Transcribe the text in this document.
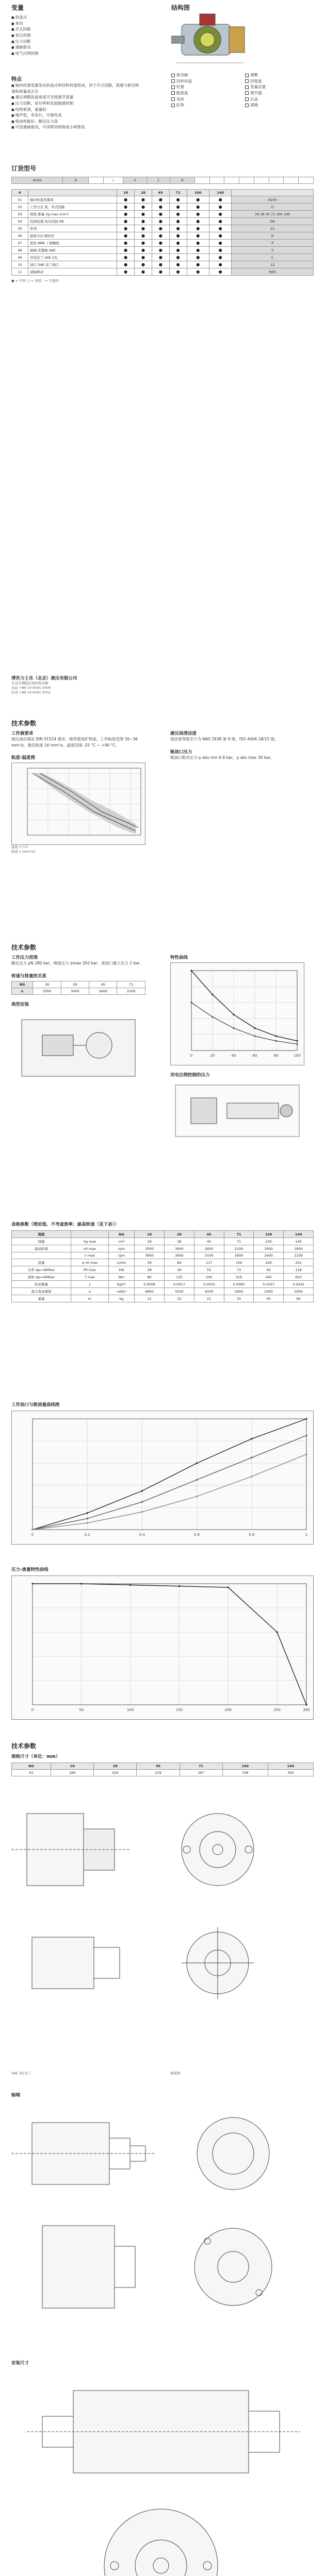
变量
■ 斜盘式
■ 单向
■ 开式回路
■ 恒压控制
■ 压力切断
■ 通轴驱动
■ 电气比例控制
特点
■ 轴向柱塞变量泵由斜盘式和回转斜盘组成，用于开式回路，流量与驱动转速和排量成正比
■ 通过调整斜盘角度可无级调节流量
■ 压力切断，恒功率和负载敏感控制
■ 结构紧凑，重量轻
■ 噪声低，寿命长，可靠性高
■ 吸油性能好，额定压力高
■ 可选通轴驱动，可串联同规格或小规格泵
结构图
驱动轴
回转斜盘
柱塞
配流盘
泵体
缸体
滑靴
回程盘
变量活塞
调节器
后盖
通轴
订货型号
A10V	O		/	3	1	R								
#		18	28	45	71	100	140	
01	轴向柱塞变量泵	●	●	●	●	●	●	A10V
02	工作方式 泵，开式回路	●	●	●	●	●	●	O
03	规格 排量 Vg max (cm³)	●	●	●	●	●	●	18 28 45 71 100 140
04	控制装置 恒压控制 DR	●	●	●	●	●	●	DR
05	系列	●	●	●	●	●	●	31
06	旋转方向 顺时针	●	●	●	●	●	●	R
07	密封 NBR 丁腈橡胶	●	●	●	●	●	●	P
08	轴端 花键轴 SAE	●	●	●	●	●	●	S
09	安装法兰 SAE 2孔	●	●	●	●	●	●	C
10	油口 SAE 法兰油口	●	●	●	●	●	●	12
11	通轴驱动	●	●	●	●	●	●	N00
● = 可供 ○ = 按需 - = 不提供
博世力士乐（北京）液压有限公司
北京市朝阳区酒仙桥东路
电话 +86 10 6591 5000
传真 +86 10 6591 5001
技术参数
工作液要求
液压油应满足 DIN 51524 要求，推荐使用矿物油。工作粘度范围 16~36 mm²/s，最佳粘度 16 mm²/s。温度范围 -25 °C ~ +90 °C。
粘度-温度图
温度 t (°C)
粘度 ν (mm²/s)
液压油清洁度
清洁度等级至少为 NAS 1638 第 9 级，ISO 4406 18/15 级。
吸油口压力
吸油口绝对压力 p abs min 0.8 bar，p abs max 30 bar。
技术参数
工作压力范围
额定压力 pN 280 bar，峰值压力 pmax 350 bar。泄油口最大压力 2 bar。
转速与排量的关系
NG	18	28	45	71
n	3300	3000	2600	2200
典型安装
特性曲线
0	20	40	60	80	100
用电比例控制的压力
表格参数（理论值、不考虑效率；最高转速（见下表））
规格		NG	18	28	45	71	100	140
排量	Vg max	cm³	18	28	45	71	100	140
最高转速	n0 max	rpm	3300	3000	2600	2200	2000	1800
	n max	rpm	3900	3600	3100	2600	2400	2100
流量	q v0 max	L/min	59	84	117	156	200	252
功率 Δp=280bar	P0 max	kW	28	39	55	73	93	118
扭矩 Δp=280bar	T max	Nm	80	125	200	316	445	623
转动惯量	J	kgm²	0.0009	0.0017	0.0033	0.0083	0.0167	0.0242
最大角加速度	α	rad/s²	6800	5500	4000	2900	2400	2000
重量	m	kg	12	15	21	33	45	60
工作油口与吸油量曲线图
0	0.2	0.4	0.6	0.8	1
压力-流量特性曲线
0	50	100	150	200	250	280
技术参数
规格尺寸（单位：mm）
NG	18	28	45	71	100	140
A1	184	204	229	267	338	350
SAE 2孔法兰	端面图
轴端
安装尺寸
